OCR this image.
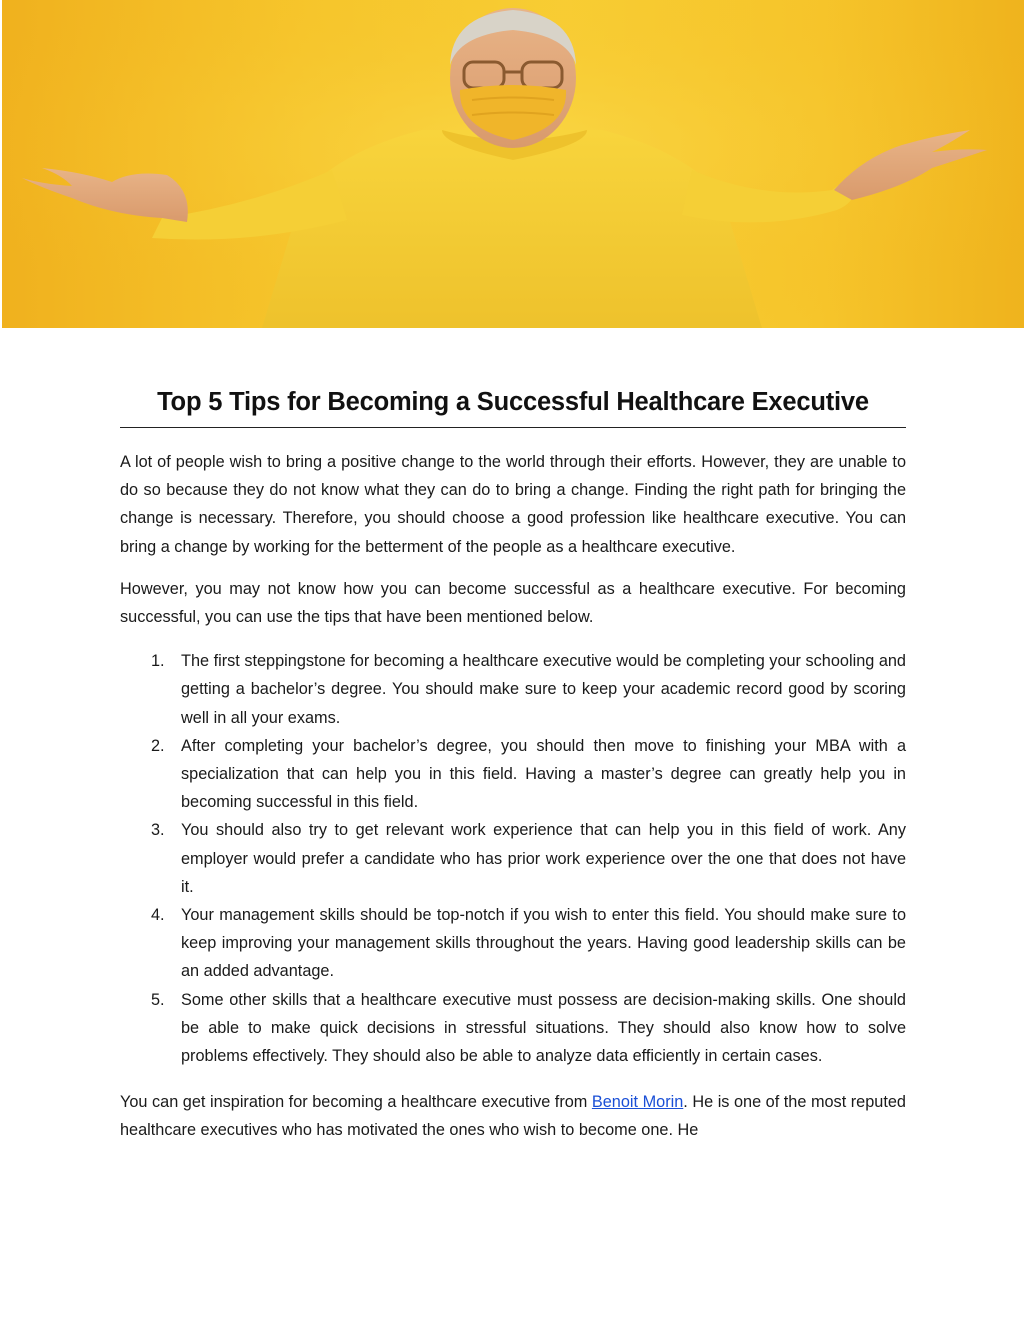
Top 5 Tips for Becoming a Successful Healthcare Executive

A lot of people wish to bring a positive change to the world through their efforts. However, they are unable to do so because they do not know what they can do to bring a change. Finding the right path for bringing the change is necessary. Therefore, you should choose a good profession like healthcare executive. You can bring a change by working for the betterment of the people as a healthcare executive.

However, you may not know how you can become successful as a healthcare executive. For becoming successful, you can use the tips that have been mentioned below.

1. The first steppingstone for becoming a healthcare executive would be completing your schooling and getting a bachelor’s degree. You should make sure to keep your academic record good by scoring well in all your exams.
2. After completing your bachelor’s degree, you should then move to finishing your MBA with a specialization that can help you in this field. Having a master’s degree can greatly help you in becoming successful in this field.
3. You should also try to get relevant work experience that can help you in this field of work. Any employer would prefer a candidate who has prior work experience over the one that does not have it.
4. Your management skills should be top-notch if you wish to enter this field. You should make sure to keep improving your management skills throughout the years. Having good leadership skills can be an added advantage.
5. Some other skills that a healthcare executive must possess are decision-making skills. One should be able to make quick decisions in stressful situations. They should also know how to solve problems effectively. They should also be able to analyze data efficiently in certain cases.

You can get inspiration for becoming a healthcare executive from Benoit Morin. He is one of the most reputed healthcare executives who has motivated the ones who wish to become one. He
